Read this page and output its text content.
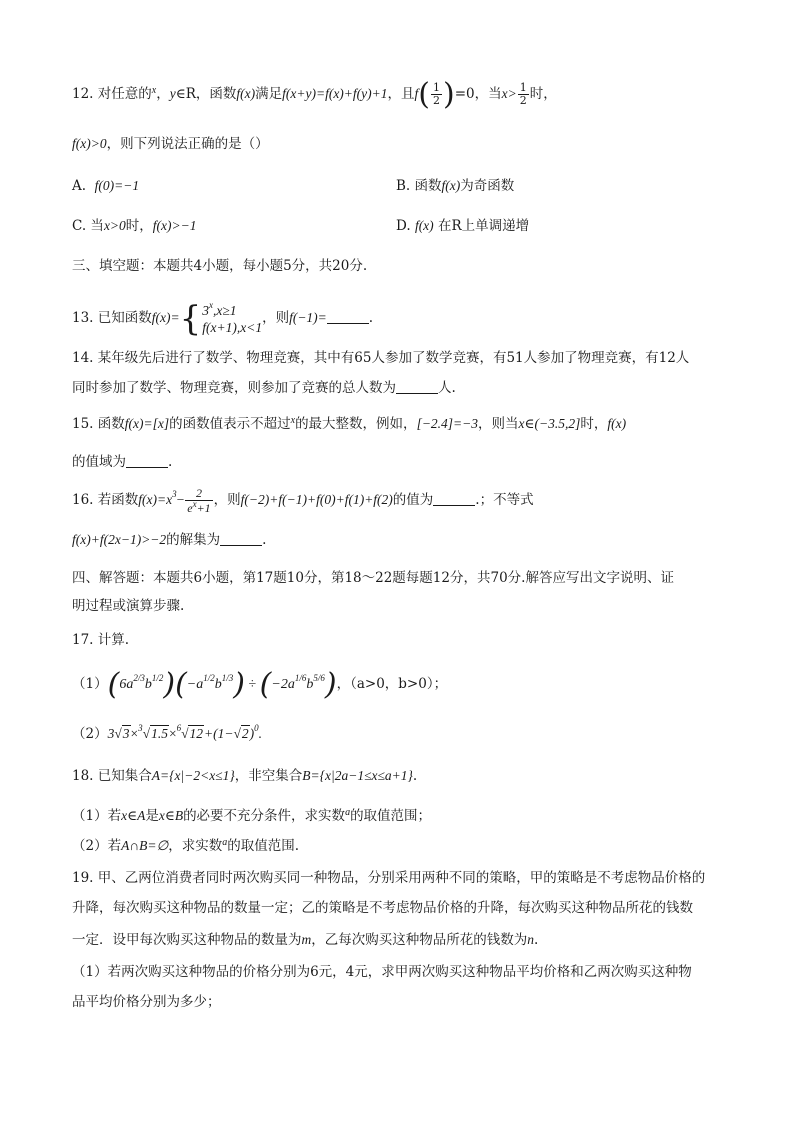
12. 对任意的$^x$，y∈R，函数f(x)满足f(x+y)=f(x)+f(y)+1，且$f( \frac{1}{2} )=0$，当$x> \frac{1}{2}$ 时，
f(x)>0，则下列说法正确的是（）
A. f(0)=−1	B. 函数f(x)为奇函数
C. 当x>0时，f(x)>−1	D. f(x) 在R上单调递增
三、填空题：本题共4小题，每小题5分，共20分.
13. 已知函数f(x)={ $3^x,x\ge 1$
f(x+1),x<1
，则f(−1)=	.
14. 某年级先后进行了数学、物理竞赛，其中有65人参加了数学竞赛，有51人参加了物理竞赛，有12人
同时参加了数学、物理竞赛，则参加了竞赛的总人数为	人.
15. 函数f(x)=[x]的函数值表示不超过$^x$的最大整数，例如，[−2.4]=−3，则当x∈(−3.5,2]时，f(x)
的值域为	.
16. 若函数$f(x)=x^3- \frac{2}{e^x+1}$ ，则f(−2)+f(−1)+f(0)+f(1)+f(2)的值为	.；不等式
f(x)+f(2x−1)>−2的解集为	.
四、解答题：本题共6小题，第17题10分，第18～22题每题12分，共70分.解答应写出文字说明、证
明过程或演算步骤.
17. 计算.
$(1)(6a^{2/3}b^{1/2})(-a^{1/2}b^{1/3}) \div (-2a^{1/6}b^{5/6})$，（a>0，b>0）；
$(2)3√3\times^3√1.5\times^6√12+(1-√2)^0$.
18. 已知集合A={x|−2<x≤1}，非空集合B={x|2a−1≤x≤a+1}.
（1）若x∈A是x∈B的必要不充分条件，求实数$^a$的取值范围；
（2）若A∩B=∅，求实数$^a$的取值范围.
19. 甲、乙两位消费者同时两次购买同一种物品，分别采用两种不同的策略，甲的策略是不考虑物品价格的
升降，每次购买这种物品的数量一定；乙的策略是不考虑物品价格的升降，每次购买这种物品所花的钱数
一定．设甲每次购买这种物品的数量为m，乙每次购买这种物品所花的钱数为n.
（1）若两次购买这种物品的价格分别为6元，4元，求甲两次购买这种物品平均价格和乙两次购买这种物
品平均价格分别为多少；
